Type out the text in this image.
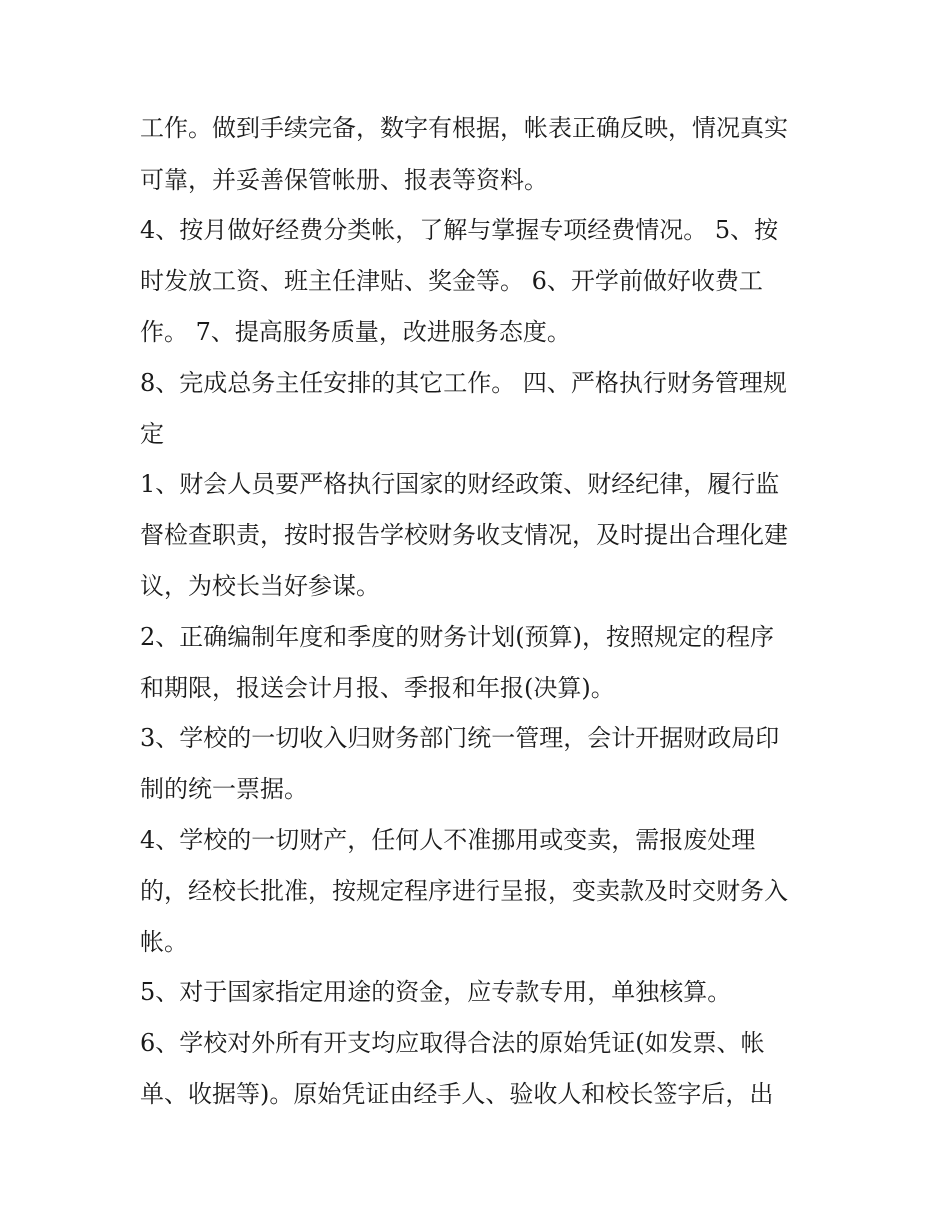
工作。做到手续完备，数字有根据，帐表正确反映，情况真实
可靠，并妥善保管帐册、报表等资料。
4、按月做好经费分类帐，了解与掌握专项经费情况。 5、按
时发放工资、班主任津贴、奖金等。 6、开学前做好收费工
作。 7、提高服务质量，改进服务态度。
8、完成总务主任安排的其它工作。 四、严格执行财务管理规
定
1、财会人员要严格执行国家的财经政策、财经纪律，履行监
督检查职责，按时报告学校财务收支情况，及时提出合理化建
议，为校长当好参谋。
2、正确编制年度和季度的财务计划(预算)，按照规定的程序
和期限，报送会计月报、季报和年报(决算)。
3、学校的一切收入归财务部门统一管理，会计开据财政局印
制的统一票据。
4、学校的一切财产，任何人不准挪用或变卖，需报废处理
的，经校长批准，按规定程序进行呈报，变卖款及时交财务入
帐。
5、对于国家指定用途的资金，应专款专用，单独核算。
6、学校对外所有开支均应取得合法的原始凭证(如发票、帐
单、收据等)。原始凭证由经手人、验收人和校长签字后，出
